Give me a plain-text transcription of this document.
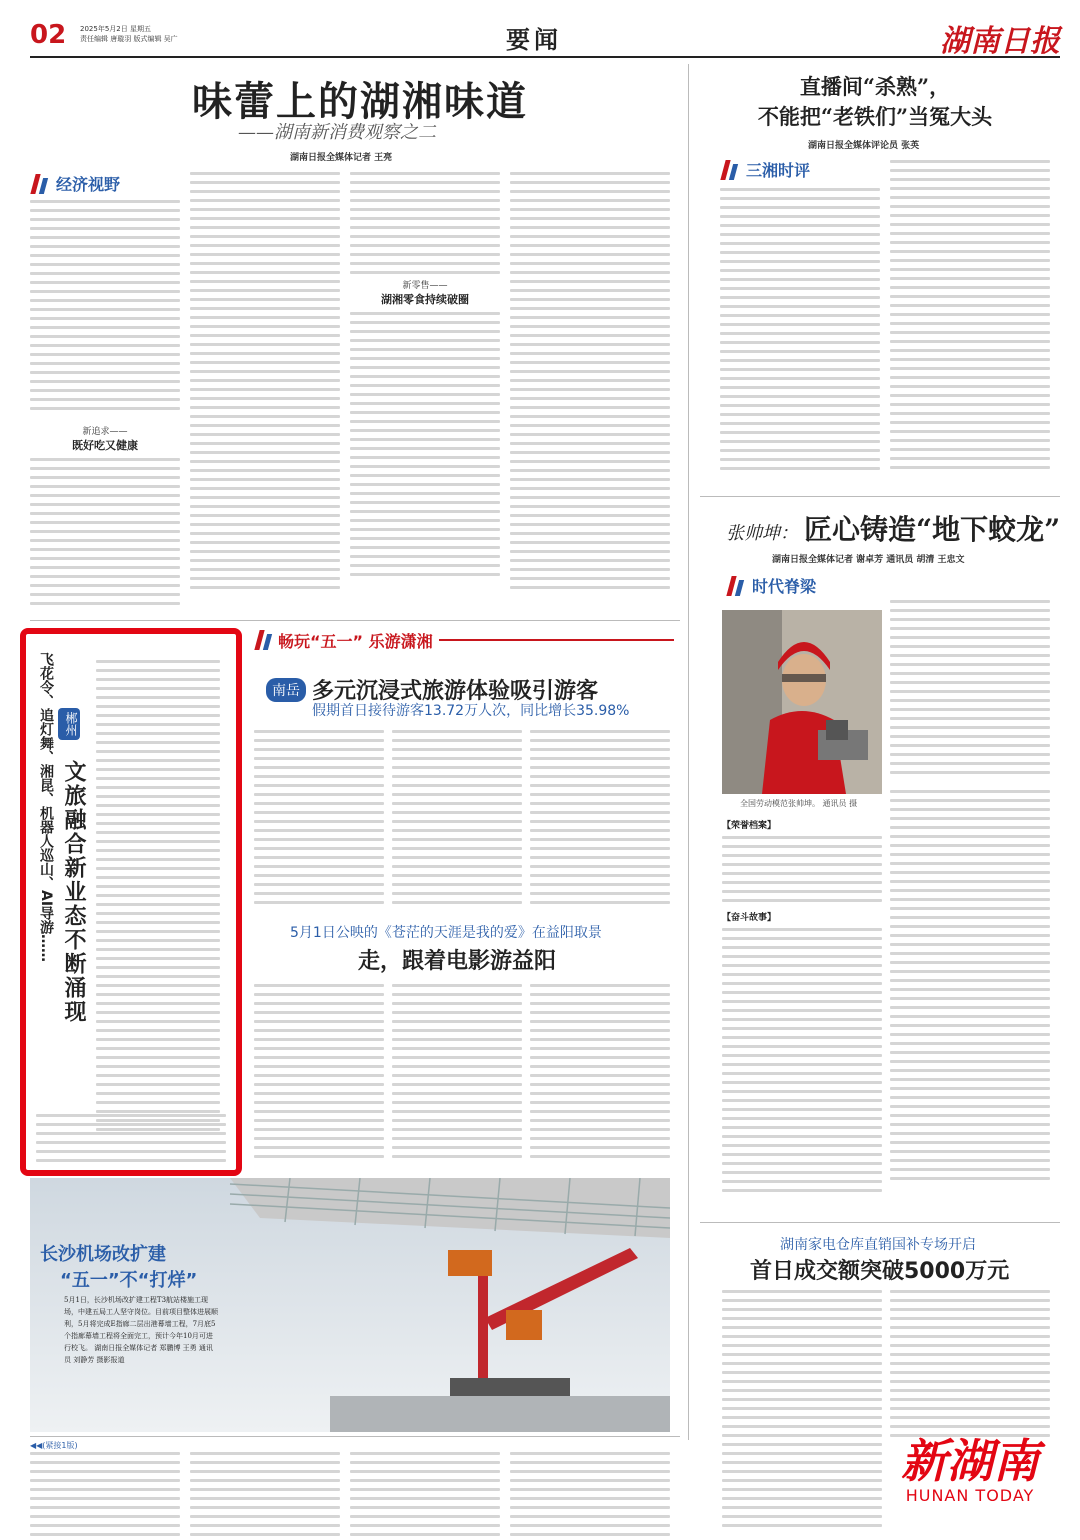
02 2025年5月2日 星期五
责任编辑 唐璇羽 版式编辑 吴广	要闻	湖南日报
味蕾上的湖湘味道
——湖南新消费观察之二
湖南日报全媒体记者 王亮
经济视野
新追求——
既好吃又健康
新零售——
湖湘零食持续破圈
直播间“杀熟”，
不能把“老铁们”当冤大头
湖南日报全媒体评论员 张英
三湘时评
张帅坤： 匠心铸造“地下蛟龙”
湖南日报全媒体记者 谢卓芳 通讯员 胡清 王忠文
时代脊梁
全国劳动模范张帅坤。 通讯员 摄
【荣誉档案】
【奋斗故事】
畅玩“五一” 乐游潇湘
南岳 多元沉浸式旅游体验吸引游客
假期首日接待游客13.72万人次，同比增长35.98%
5月1日公映的《苍茫的天涯是我的爱》在益阳取景
走，跟着电影游益阳
飞花令、追灯舞、湘昆、机器人巡山、AI导游…… 郴州
文旅融合新业态不断涌现
长沙机场改扩建
“五一”不“打烊”
5月1日，长沙机场改扩建工程T3航站楼施工现场，中建五局工人坚守岗位。目前项目整体进展顺利，5月将完成E指廊二层出港幕墙工程，7月底5个指廊幕墙工程将全面完工，预计今年10月可进行校飞。 湖南日报全媒体记者 郑鹏博 王勇 通讯员 刘静芳 摄影报道
湖南家电仓库直销国补专场开启
首日成交额突破5000万元
◀◀(紧接1版)	新湖南
HUNAN TODAY
